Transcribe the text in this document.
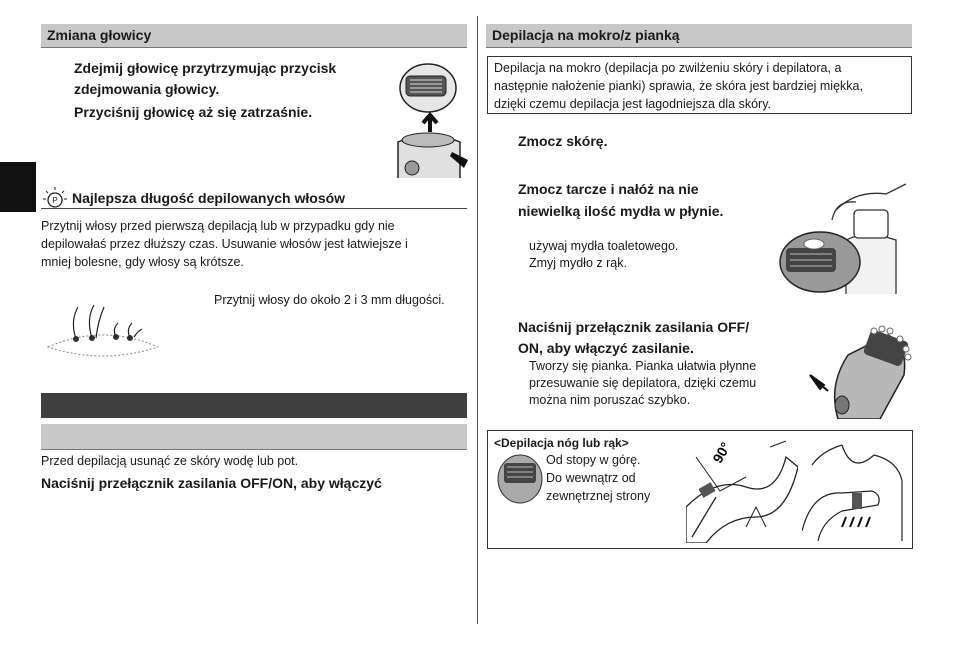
Zmiana głowicy
Zdejmij głowicę przytrzymując przycisk
zdejmowania głowicy.
Przyciśnij głowicę aż się zatrzaśnie.
P Najlepsza długość depilowanych włosów
Przytnij włosy przed pierwszą depilacją lub w przypadku gdy nie
depilowałaś przez dłuższy czas. Usuwanie włosów jest łatwiejsze i
mniej bolesne, gdy włosy są krótsze.
Przytnij włosy do około 2 i 3 mm długości.
Przed depilacją usunąć ze skóry wodę lub pot.
Naciśnij przełącznik zasilania OFF/ON, aby włączyć
Depilacja na mokro/z pianką
Depilacja na mokro (depilacja po zwilżeniu skóry i depilatora, a
następnie nałożenie pianki) sprawia, że skóra jest bardziej miękka,
dzięki czemu depilacja jest łagodniejsza dla skóry.
Zmocz skórę.
Zmocz tarcze i nałóż na nie
niewielką ilość mydła w płynie.
używaj mydła toaletowego.
Zmyj mydło z rąk.
Naciśnij przełącznik zasilania OFF/
ON, aby włączyć zasilanie.
Tworzy się pianka. Pianka ułatwia płynne
przesuwanie się depilatora, dzięki czemu
można nim poruszać szybko.
<Depilacja nóg lub rąk>
Od stopy w górę.
Do wewnątrz od
zewnętrznej strony
90°
